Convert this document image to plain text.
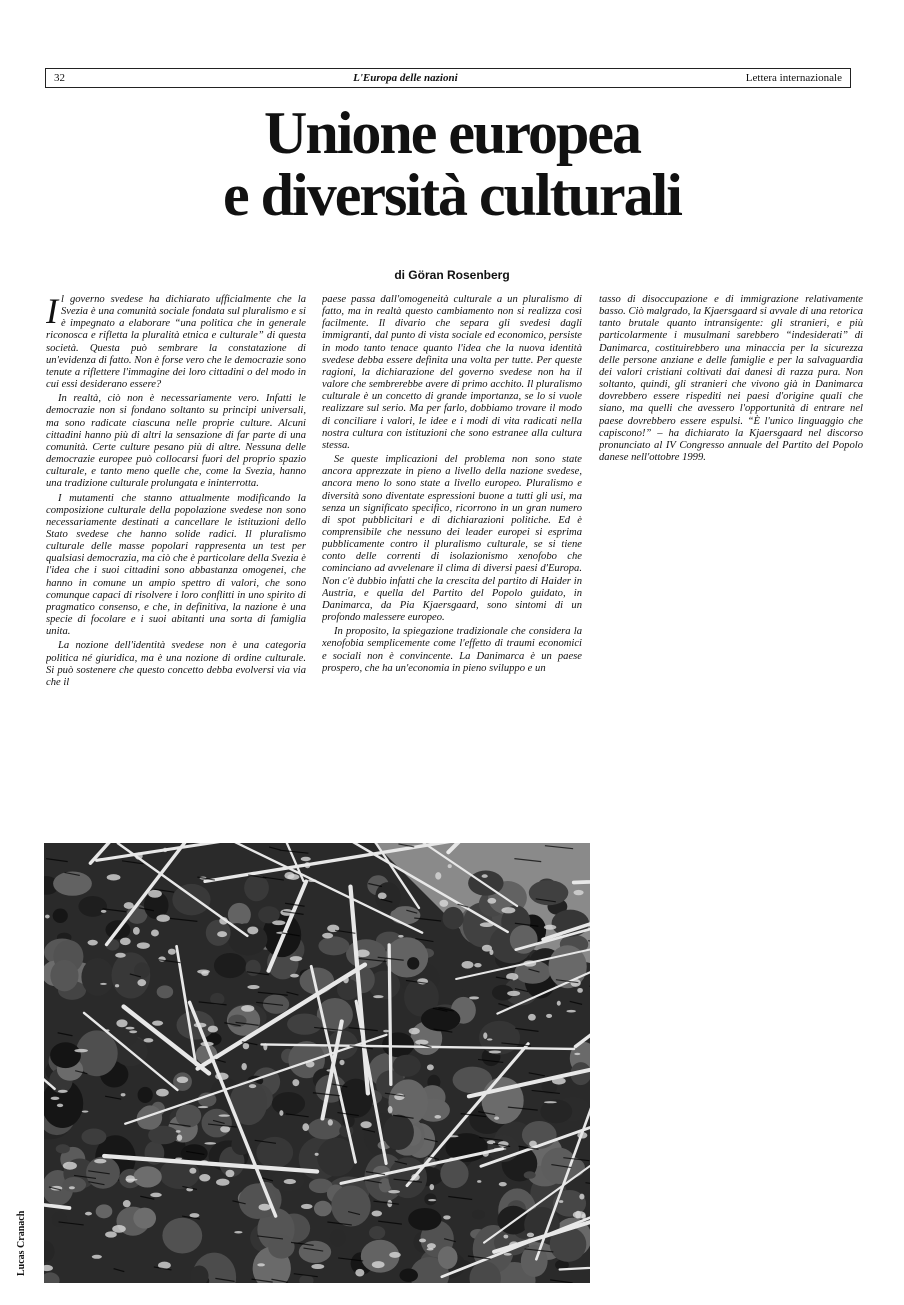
32	L'Europa delle nazioni	Lettera internazionale
Unione europea
e diversità culturali
di Göran Rosenberg

Il governo svedese ha dichiarato ufficialmente che la Svezia è una comunità sociale fondata sul pluralismo e si è impegnato a elaborare “una politica che in generale riconosca e rifletta la pluralità etnica e culturale” di questa società. Questa può sembrare la constatazione di un'evidenza di fatto. Non è forse vero che le democrazie sono tenute a riflettere l'immagine dei loro cittadini o del modo in cui essi desiderano essere?

In realtà, ciò non è necessariamente vero. Infatti le democrazie non si fondano soltanto su principi universali, ma sono radicate ciascuna nelle proprie culture. Alcuni cittadini hanno più di altri la sensazione di far parte di una comunità. Certe culture pesano più di altre. Nessuna delle democrazie europee può collocarsi fuori del proprio spazio culturale, e tanto meno quelle che, come la Svezia, hanno una tradizione culturale prolungata e ininterrotta.

I mutamenti che stanno attualmente modificando la composizione culturale della popolazione svedese non sono necessariamente destinati a cancellare le istituzioni dello Stato svedese che hanno solide radici. Il pluralismo culturale delle masse popolari rappresenta un test per qualsiasi democrazia, ma ciò che è particolare della Svezia è l'idea che i suoi cittadini sono abbastanza omogenei, che hanno in comune un ampio spettro di valori, che sono comunque capaci di risolvere i loro conflitti in uno spirito di pragmatico consenso, e che, in definitiva, la nazione è una specie di focolare e i suoi abitanti una sorta di famiglia unita.

La nozione dell'identità svedese non è una categoria politica né giuridica, ma è una nozione di ordine culturale. Si può sostenere che questo concetto debba evolversi via via che il

paese passa dall'omogeneità culturale a un pluralismo di fatto, ma in realtà questo cambiamento non si realizza così facilmente. Il divario che separa gli svedesi dagli immigranti, dal punto di vista sociale ed economico, persiste in modo tanto tenace quanto l'idea che la nuova identità svedese debba essere definita una volta per tutte. Per queste ragioni, la dichiarazione del governo svedese non ha il valore che sembrerebbe avere di primo acchito. Il pluralismo culturale è un concetto di grande importanza, se lo si vuole realizzare sul serio. Ma per farlo, dobbiamo trovare il modo di conciliare i valori, le idee e i modi di vita radicati nella nostra cultura con istituzioni che sono estranee alla cultura stessa.

Se queste implicazioni del problema non sono state ancora apprezzate in pieno a livello della nazione svedese, ancora meno lo sono state a livello europeo. Pluralismo e diversità sono diventate espressioni buone a tutti gli usi, ma senza un significato specifico, ricorrono in un gran numero di spot pubblicitari e di dichiarazioni politiche. Ed è comprensibile che nessuno dei leader europei si esprima pubblicamente contro il pluralismo culturale, se si tiene conto delle correnti di isolazionismo xenofobo che cominciano ad avvelenare il clima di diversi paesi d'Europa. Non c'è dubbio infatti che la crescita del partito di Haider in Austria, e quella del Partito del Popolo guidato, in Danimarca, da Pia Kjaersgaard, sono sintomi di un profondo malessere europeo.

In proposito, la spiegazione tradizionale che considera la xenofobia semplicemente come l'effetto di traumi economici e sociali non è convincente. La Danimarca è un paese prospero, che ha un'economia in pieno sviluppo e un

tasso di disoccupazione e di immigrazione relativamente basso. Ciò malgrado, la Kjaersgaard si avvale di una retorica tanto brutale quanto intransigente: gli stranieri, e più particolarmente i musulmani sarebbero “indesiderati” di Danimarca, costituirebbero una minaccia per la sicurezza delle persone anziane e delle famiglie e per la salvaguardia dei valori cristiani coltivati dai danesi di razza pura. Non soltanto, quindi, gli stranieri che vivono già in Danimarca dovrebbero essere rispediti nei paesi d'origine quali che siano, ma quelli che avessero l'opportunità di entrare nel paese dovrebbero essere espulsi. “È l'unico linguaggio che capiscono!” – ha dichiarato la Kjaersgaard nel discorso pronunciato al IV Congresso annuale del Partito del Popolo danese nell'ottobre 1999.

Lucas Cranach
